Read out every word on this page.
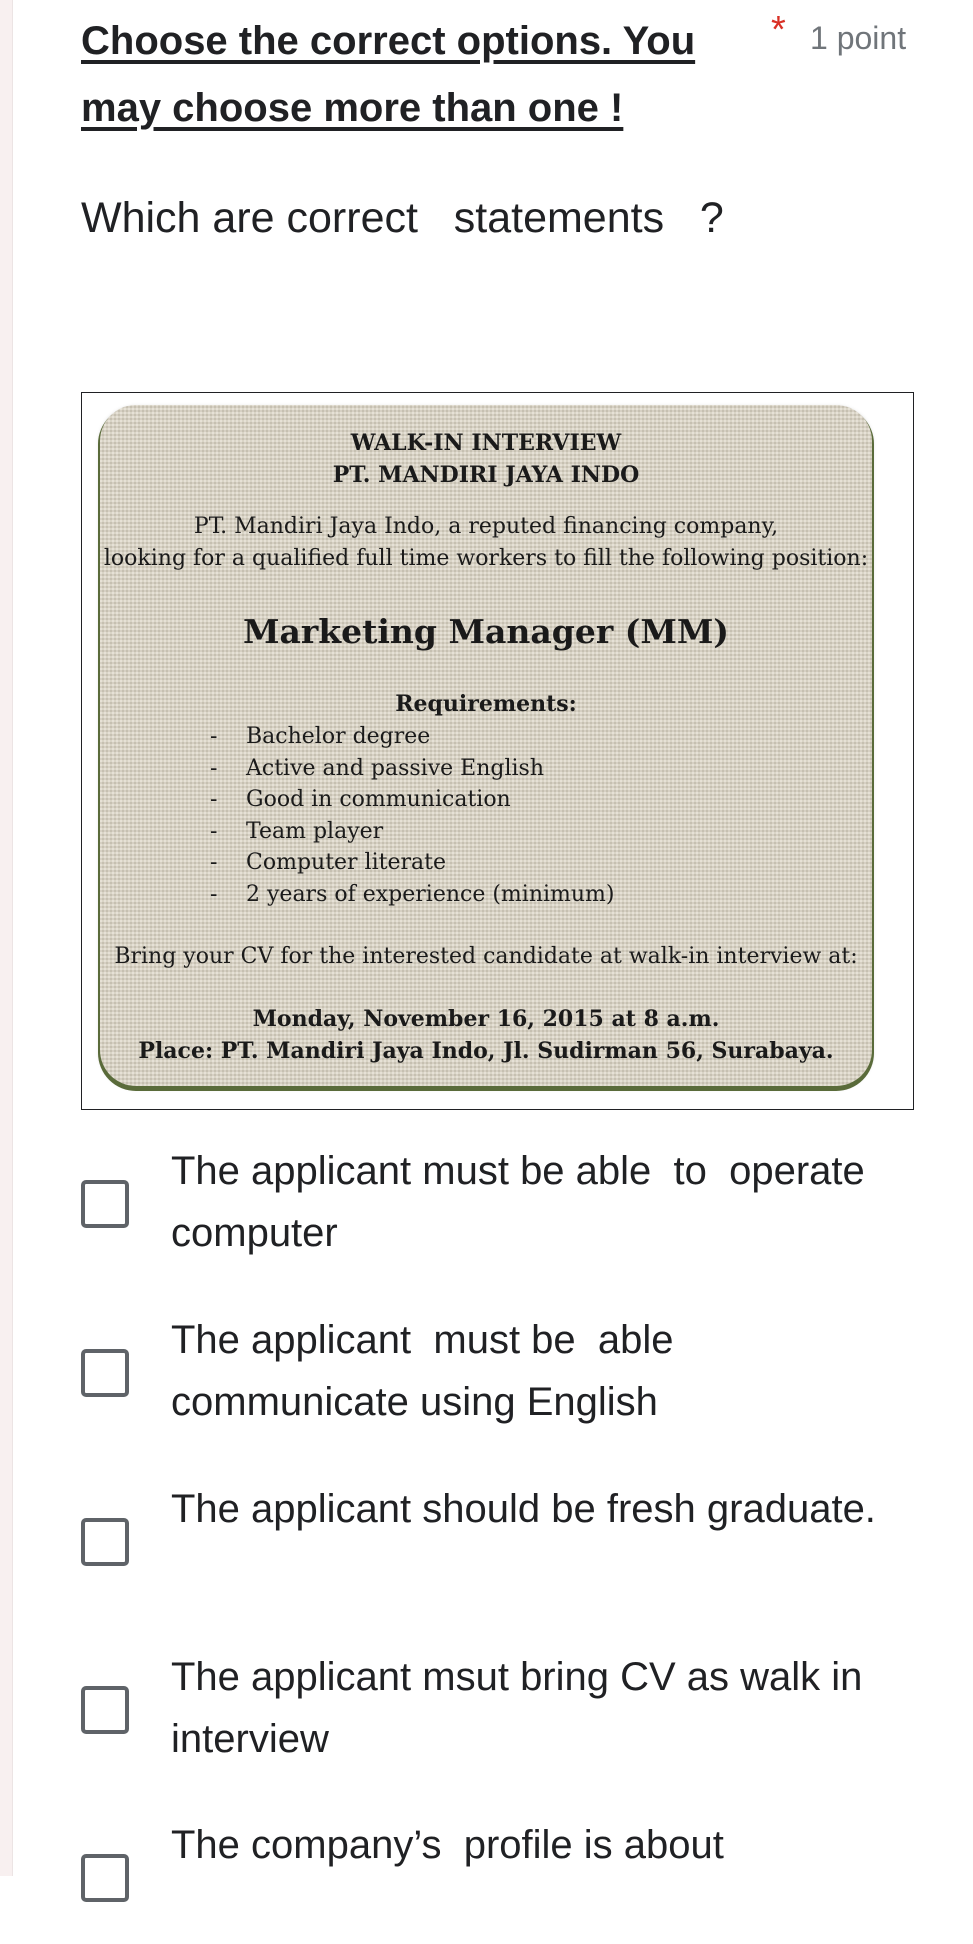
Choose the correct options. You
may choose more than one !

* 1 point

Which are correct   statements   ?

WALK-IN INTERVIEW
PT. MANDIRI JAYA INDO
PT. Mandiri Jaya Indo, a reputed financing company,
looking for a qualified full time workers to fill the following position:
Marketing Manager (MM)
Requirements:
- Bachelor degree
- Active and passive English
- Good in communication
- Team player
- Computer literate
- 2 years of experience (minimum)
Bring your CV for the interested candidate at walk-in interview at:
Monday, November 16, 2015 at 8 a.m.
Place: PT. Mandiri Jaya Indo, Jl. Sudirman 56, Surabaya.
The applicant must be able  to  operate computer
The applicant  must be  able communicate using English
The applicant should be fresh graduate.
The applicant msut bring CV as walk in interview
The company’s  profile is about
